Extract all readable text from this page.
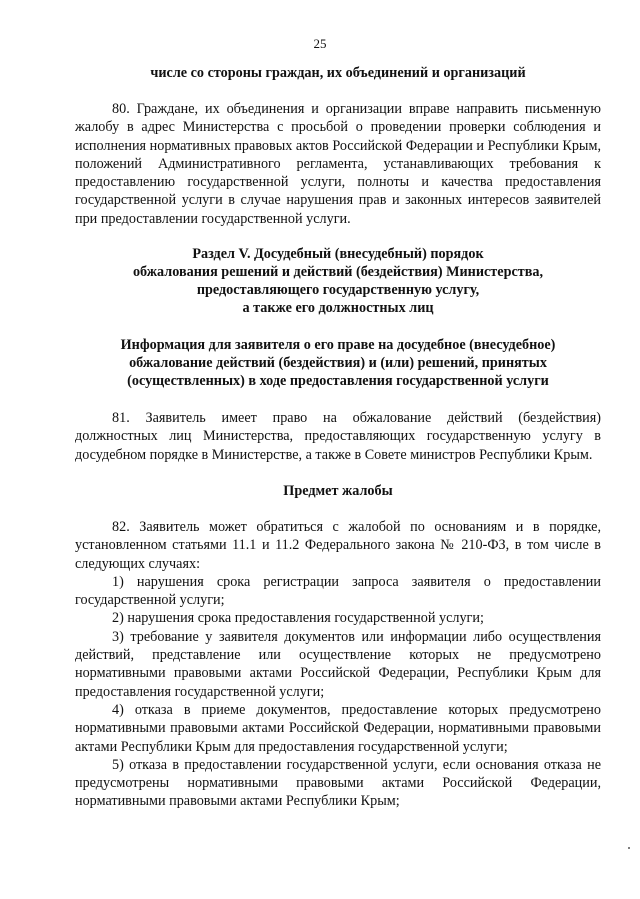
25

числе со стороны граждан, их объединений и организаций

80. Граждане, их объединения и организации вправе направить письменную жалобу в адрес Министерства с просьбой о проведении проверки соблюдения и исполнения нормативных правовых актов Российской Федерации и Республики Крым, положений Административного регламента, устанавливающих требования к предоставлению государственной услуги, полноты и качества предоставления государственной услуги в случае нарушения прав и законных интересов заявителей при предоставлении государственной услуги.

Раздел V. Досудебный (внесудебный) порядок

обжалования решений и действий (бездействия) Министерства,

предоставляющего государственную услугу,

а также его должностных лиц

Информация для заявителя о его праве на досудебное (внесудебное)

обжалование действий (бездействия) и (или) решений, принятых

(осуществленных) в ходе предоставления государственной услуги

81. Заявитель имеет право на обжалование действий (бездействия) должностных лиц Министерства, предоставляющих государственную услугу в досудебном порядке в Министерстве, а также в Совете министров Республики Крым.

Предмет жалобы

82. Заявитель может обратиться с жалобой по основаниям и в порядке, установленном статьями 11.1 и 11.2 Федерального закона № 210-ФЗ, в том числе в следующих случаях:

1) нарушения срока регистрации запроса заявителя о предоставлении государственной услуги;

2) нарушения срока предоставления государственной услуги;

3) требование у заявителя документов или информации либо осуществления действий, представление или осуществление которых не предусмотрено нормативными правовыми актами Российской Федерации, Республики Крым для предоставления государственной услуги;

4) отказа в приеме документов, предоставление которых предусмотрено нормативными правовыми актами Российской Федерации, нормативными правовыми актами Республики Крым для предоставления государственной услуги;

5) отказа в предоставлении государственной услуги, если основания отказа не предусмотрены нормативными правовыми актами Российской Федерации, нормативными правовыми актами Республики Крым;
